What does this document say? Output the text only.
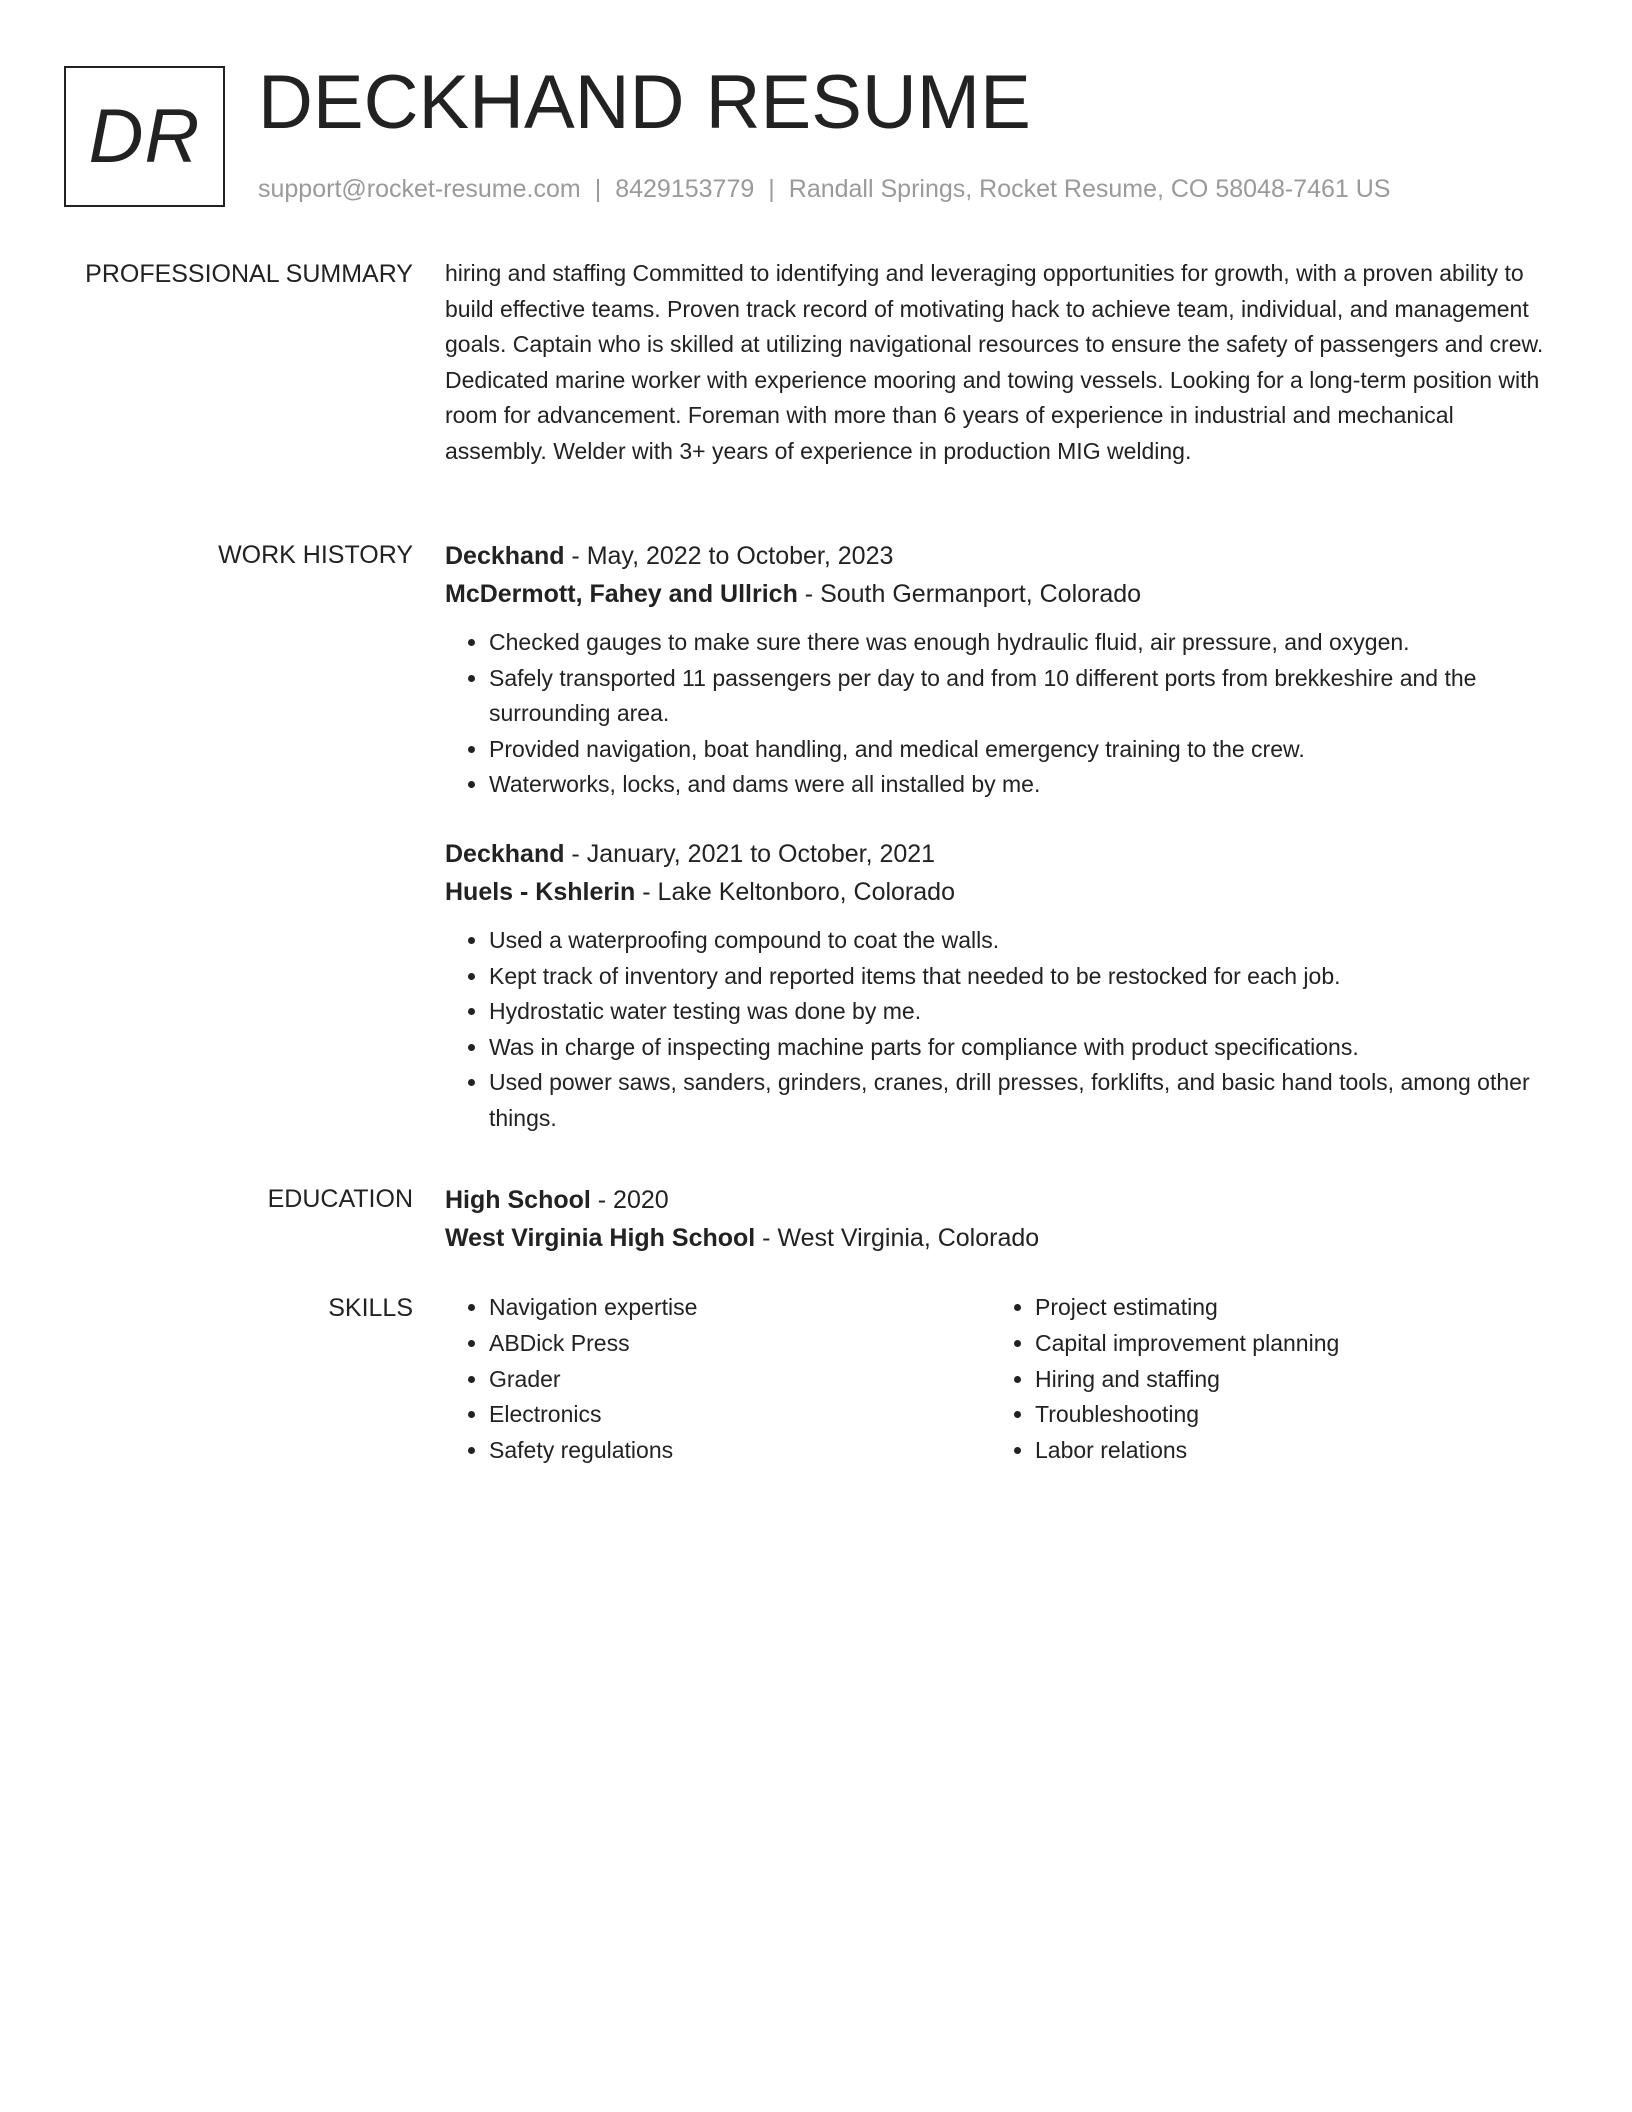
DR DECKHAND RESUME
support@rocket-resume.com | 8429153779 | Randall Springs, Rocket Resume, CO 58048-7461 US
PROFESSIONAL SUMMARY hiring and staffing Committed to identifying and leveraging opportunities for growth, with a proven ability to build effective teams. Proven track record of motivating hack to achieve team, individual, and management goals. Captain who is skilled at utilizing navigational resources to ensure the safety of passengers and crew. Dedicated marine worker with experience mooring and towing vessels. Looking for a long-term position with room for advancement. Foreman with more than 6 years of experience in industrial and mechanical assembly. Welder with 3+ years of experience in production MIG welding.

WORK HISTORY Deckhand - May, 2022 to October, 2023
McDermott, Fahey and Ullrich - South Germanport, Colorado
• Checked gauges to make sure there was enough hydraulic fluid, air pressure, and oxygen.
• Safely transported 11 passengers per day to and from 10 different ports from brekkeshire and the surrounding area.
• Provided navigation, boat handling, and medical emergency training to the crew.
• Waterworks, locks, and dams were all installed by me.
Deckhand - January, 2021 to October, 2021
Huels - Kshlerin - Lake Keltonboro, Colorado
• Used a waterproofing compound to coat the walls.
• Kept track of inventory and reported items that needed to be restocked for each job.
• Hydrostatic water testing was done by me.
• Was in charge of inspecting machine parts for compliance with product specifications.
• Used power saws, sanders, grinders, cranes, drill presses, forklifts, and basic hand tools, among other things.
EDUCATION High School - 2020
West Virginia High School - West Virginia, Colorado
SKILLS
•	Navigation expertise
• ABDick Press
• Grader
• Electronics
• Safety regulations
• Project estimating
• Capital improvement planning
• Hiring and staffing
• Troubleshooting
• Labor relations
